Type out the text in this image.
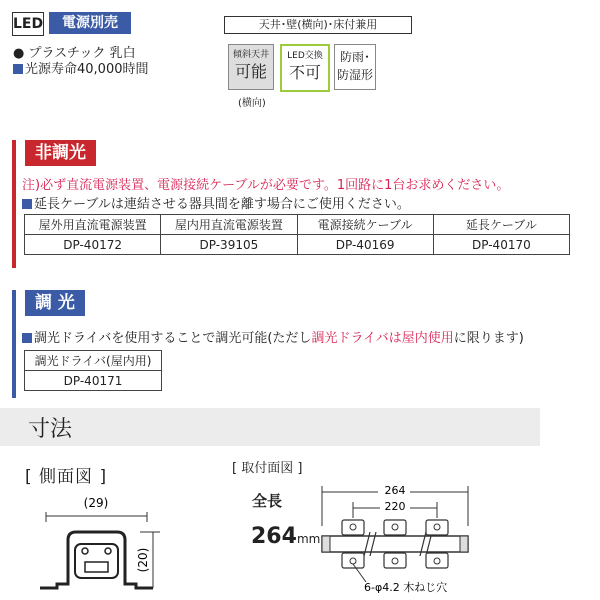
LED	電源別売
● プラスチック 乳白
光源寿命40,000時間
天井･壁(横向)･床付兼用
傾斜天井
可能
LED交換
不可
防雨･
防湿形
(横向)
非調光
注)必ず直流電源装置、電源接続ケーブルが必要です。1回路に1台お求めください。
延長ケーブルは連結させる器具間を離す場合にご使用ください。
屋外用直流電源装置	屋内用直流電源装置	電源接続ケーブル	延長ケーブル
DP-40172	DP-39105	DP-40169	DP-40170
調 光
調光ドライバを使用することで調光可能(ただし調光ドライバは屋内使用に限ります)
調光ドライバ(屋内用)
DP-40171
寸法
[ 側面図 ]	[ 取付面図 ]
全長
264mm
(29)
(20)
264
220
6-φ4.2 木ねじ穴
